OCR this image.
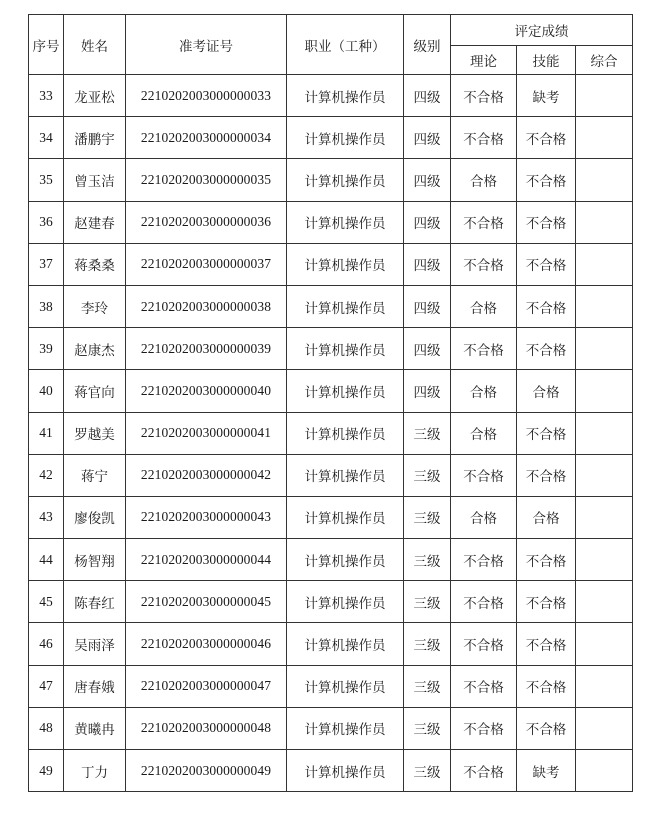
序号	姓名	准考证号	职业（工种）	级别	评定成绩		
					理论	技能	综合
33	龙亚松	2210202003000000033	计算机操作员	四级	不合格	缺考	
34	潘鹏宇	2210202003000000034	计算机操作员	四级	不合格	不合格	
35	曾玉洁	2210202003000000035	计算机操作员	四级	合格	不合格	
36	赵建春	2210202003000000036	计算机操作员	四级	不合格	不合格	
37	蒋桑桑	2210202003000000037	计算机操作员	四级	不合格	不合格	
38	李玲	2210202003000000038	计算机操作员	四级	合格	不合格	
39	赵康杰	2210202003000000039	计算机操作员	四级	不合格	不合格	
40	蒋官向	2210202003000000040	计算机操作员	四级	合格	合格	
41	罗越美	2210202003000000041	计算机操作员	三级	合格	不合格	
42	蒋宁	2210202003000000042	计算机操作员	三级	不合格	不合格	
43	廖俊凯	2210202003000000043	计算机操作员	三级	合格	合格	
44	杨智翔	2210202003000000044	计算机操作员	三级	不合格	不合格	
45	陈春红	2210202003000000045	计算机操作员	三级	不合格	不合格	
46	吴雨泽	2210202003000000046	计算机操作员	三级	不合格	不合格	
47	唐春娥	2210202003000000047	计算机操作员	三级	不合格	不合格	
48	黄曦冉	2210202003000000048	计算机操作员	三级	不合格	不合格	
49	丁力	2210202003000000049	计算机操作员	三级	不合格	缺考	
